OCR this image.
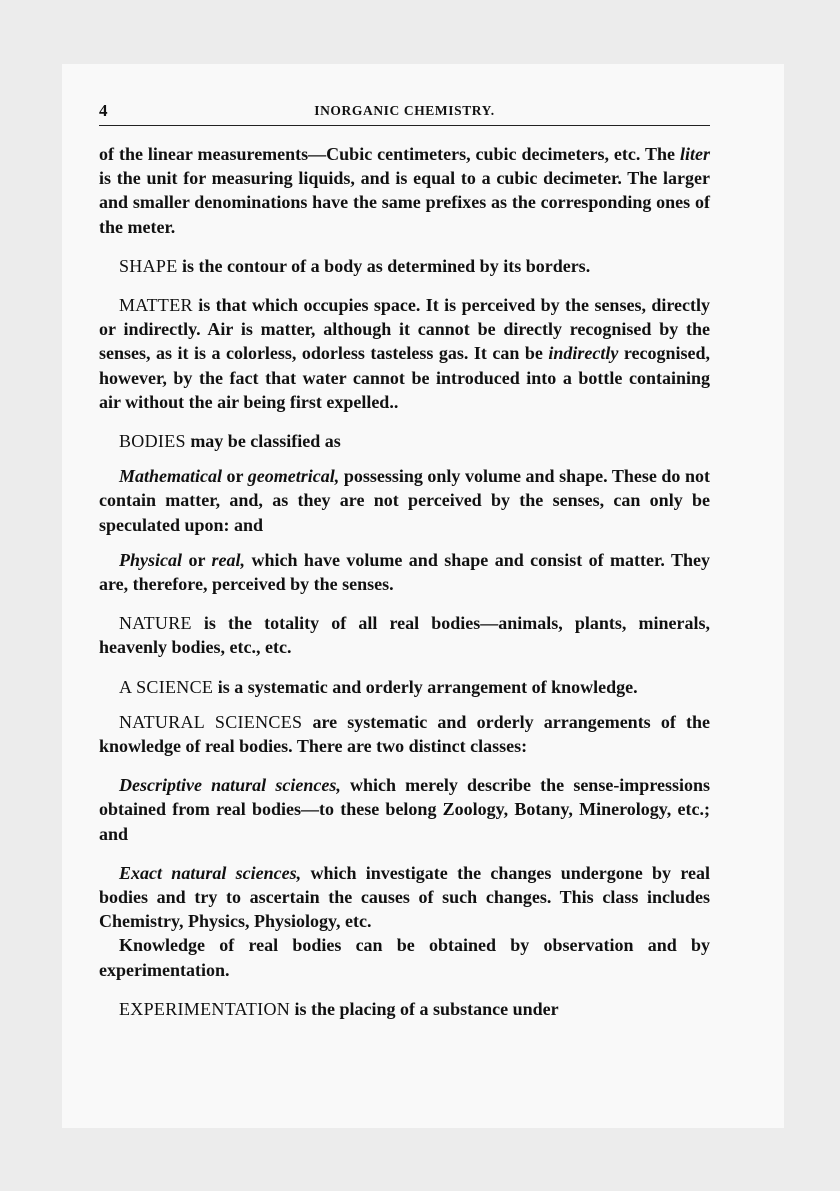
4	INORGANIC CHEMISTRY.

of the linear measurements—Cubic centimeters, cubic decimeters, etc. The liter is the unit for measuring liquids, and is equal to a cubic decimeter. The larger and smaller denominations have the same prefixes as the corresponding ones of the meter.

SHAPE is the contour of a body as determined by its borders.

MATTER is that which occupies space. It is perceived by the senses, directly or indirectly. Air is matter, although it cannot be directly recognised by the senses, as it is a colorless, odorless tasteless gas. It can be indirectly recognised, however, by the fact that water cannot be introduced into a bottle containing air without the air being first expelled..

BODIES may be classified as

Mathematical or geometrical, possessing only volume and shape. These do not contain matter, and, as they are not perceived by the senses, can only be speculated upon: and

Physical or real, which have volume and shape and consist of matter. They are, therefore, perceived by the senses.

NATURE is the totality of all real bodies—animals, plants, minerals, heavenly bodies, etc., etc.

A SCIENCE is a systematic and orderly arrangement of knowledge.

NATURAL SCIENCES are systematic and orderly arrangements of the knowledge of real bodies. There are two distinct classes:

Descriptive natural sciences, which merely describe the sense-impressions obtained from real bodies—to these belong Zoology, Botany, Minerology, etc.; and

Exact natural sciences, which investigate the changes undergone by real bodies and try to ascertain the causes of such changes. This class includes Chemistry, Physics, Physiology, etc.

Knowledge of real bodies can be obtained by observation and by experimentation.

EXPERIMENTATION is the placing of a substance under
